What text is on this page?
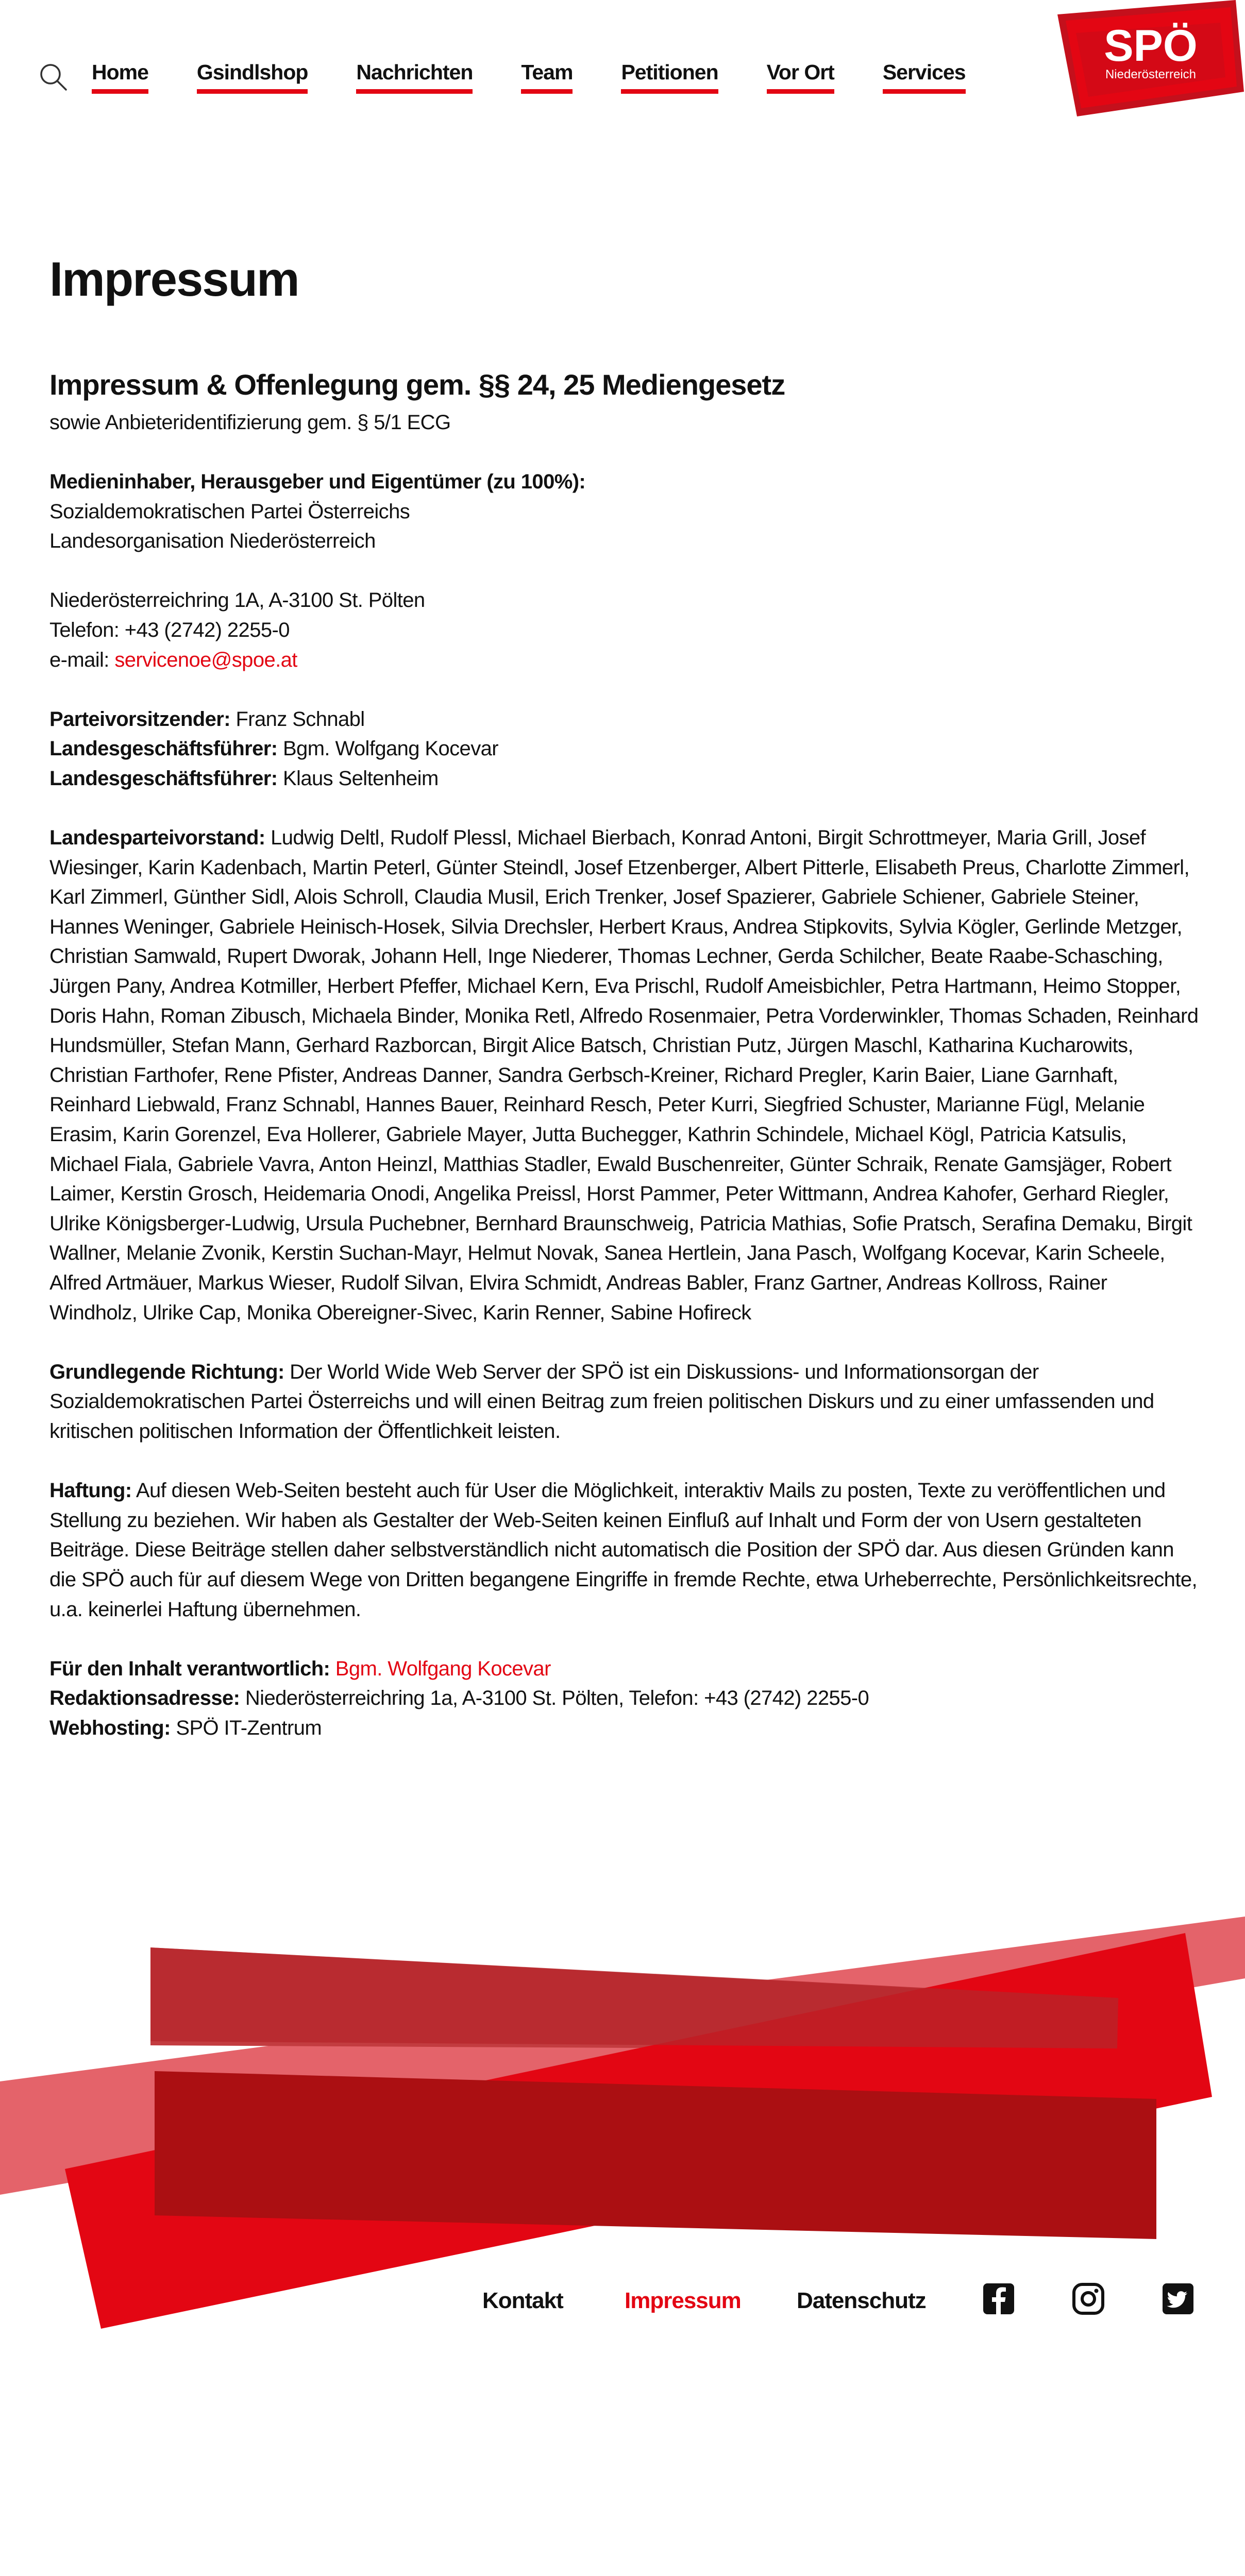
Home Gsindlshop Nachrichten Team Petitionen Vor Ort Services
SPÖ
Niederösterreich
Impressum
Impressum & Offenlegung gem. §§ 24, 25 Mediengesetz

sowie Anbieteridentifizierung gem. § 5/1 ECG

Medieninhaber, Herausgeber und Eigentümer (zu 100%):
Sozialdemokratischen Partei Österreichs
Landesorganisation Niederösterreich
Niederösterreichring 1A, A-3100 St. Pölten
Telefon: +43 (2742) 2255-0
e-mail: servicenoe@spoe.at
Parteivorsitzender: Franz Schnabl
Landesgeschäftsführer: Bgm. Wolfgang Kocevar
Landesgeschäftsführer: Klaus Seltenheim

Landesparteivorstand: Ludwig Deltl, Rudolf Plessl, Michael Bierbach, Konrad Antoni, Birgit Schrottmeyer, Maria Grill, Josef Wiesinger, Karin Kadenbach, Martin Peterl, Günter Steindl, Josef Etzenberger, Albert Pitterle, Elisabeth Preus, Charlotte Zimmerl, Karl Zimmerl, Günther Sidl, Alois Schroll, Claudia Musil, Erich Trenker, Josef Spazierer, Gabriele Schiener, Gabriele Steiner, Hannes Weninger, Gabriele Heinisch-Hosek, Silvia Drechsler, Herbert Kraus, Andrea Stipkovits, Sylvia Kögler, Gerlinde Metzger, Christian Samwald, Rupert Dworak, Johann Hell, Inge Niederer, Thomas Lechner, Gerda Schilcher, Beate Raabe-Schasching, Jürgen Pany, Andrea Kotmiller, Herbert Pfeffer, Michael Kern, Eva Prischl, Rudolf Ameisbichler, Petra Hartmann, Heimo Stopper, Doris Hahn, Roman Zibusch, Michaela Binder, Monika Retl, Alfredo Rosenmaier, Petra Vorderwinkler, Thomas Schaden, Reinhard Hundsmüller, Stefan Mann, Gerhard Razborcan, Birgit Alice Batsch, Christian Putz, Jürgen Maschl, Katharina Kucharowits, Christian Farthofer, Rene Pfister, Andreas Danner, Sandra Gerbsch-Kreiner, Richard Pregler, Karin Baier, Liane Garnhaft, Reinhard Liebwald, Franz Schnabl, Hannes Bauer, Reinhard Resch, Peter Kurri, Siegfried Schuster, Marianne Fügl, Melanie Erasim, Karin Gorenzel, Eva Hollerer, Gabriele Mayer, Jutta Buchegger, Kathrin Schindele, Michael Kögl, Patricia Katsulis, Michael Fiala, Gabriele Vavra, Anton Heinzl, Matthias Stadler, Ewald Buschenreiter, Günter Schraik, Renate Gamsjäger, Robert Laimer, Kerstin Grosch, Heidemaria Onodi, Angelika Preissl, Horst Pammer, Peter Wittmann, Andrea Kahofer, Gerhard Riegler, Ulrike Königsberger-Ludwig, Ursula Puchebner, Bernhard Braunschweig, Patricia Mathias, Sofie Pratsch, Serafina Demaku, Birgit Wallner, Melanie Zvonik, Kerstin Suchan-Mayr, Helmut Novak, Sanea Hertlein, Jana Pasch, Wolfgang Kocevar, Karin Scheele, Alfred Artmäuer, Markus Wieser, Rudolf Silvan, Elvira Schmidt, Andreas Babler, Franz Gartner, Andreas Kollross, Rainer Windholz, Ulrike Cap, Monika Obereigner-Sivec, Karin Renner, Sabine Hofireck

Grundlegende Richtung: Der World Wide Web Server der SPÖ ist ein Diskussions- und Informationsorgan der Sozialdemokratischen Partei Österreichs und will einen Beitrag zum freien politischen Diskurs und zu einer umfassenden und kritischen politischen Information der Öffentlichkeit leisten.

Haftung: Auf diesen Web-Seiten besteht auch für User die Möglichkeit, interaktiv Mails zu posten, Texte zu veröffentlichen und Stellung zu beziehen. Wir haben als Gestalter der Web-Seiten keinen Einfluß auf Inhalt und Form der von Usern gestalteten Beiträge. Diese Beiträge stellen daher selbstverständlich nicht automatisch die Position der SPÖ dar. Aus diesen Gründen kann die SPÖ auch für auf diesem Wege von Dritten begangene Eingriffe in fremde Rechte, etwa Urheberrechte, Persönlichkeitsrechte, u.a. keinerlei Haftung übernehmen.

Für den Inhalt verantwortlich: Bgm. Wolfgang Kocevar
Redaktionsadresse: Niederösterreichring 1a, A-3100 St. Pölten, Telefon: +43 (2742) 2255-0
Webhosting: SPÖ IT-Zentrum
Kontakt	Impressum Datenschutz
